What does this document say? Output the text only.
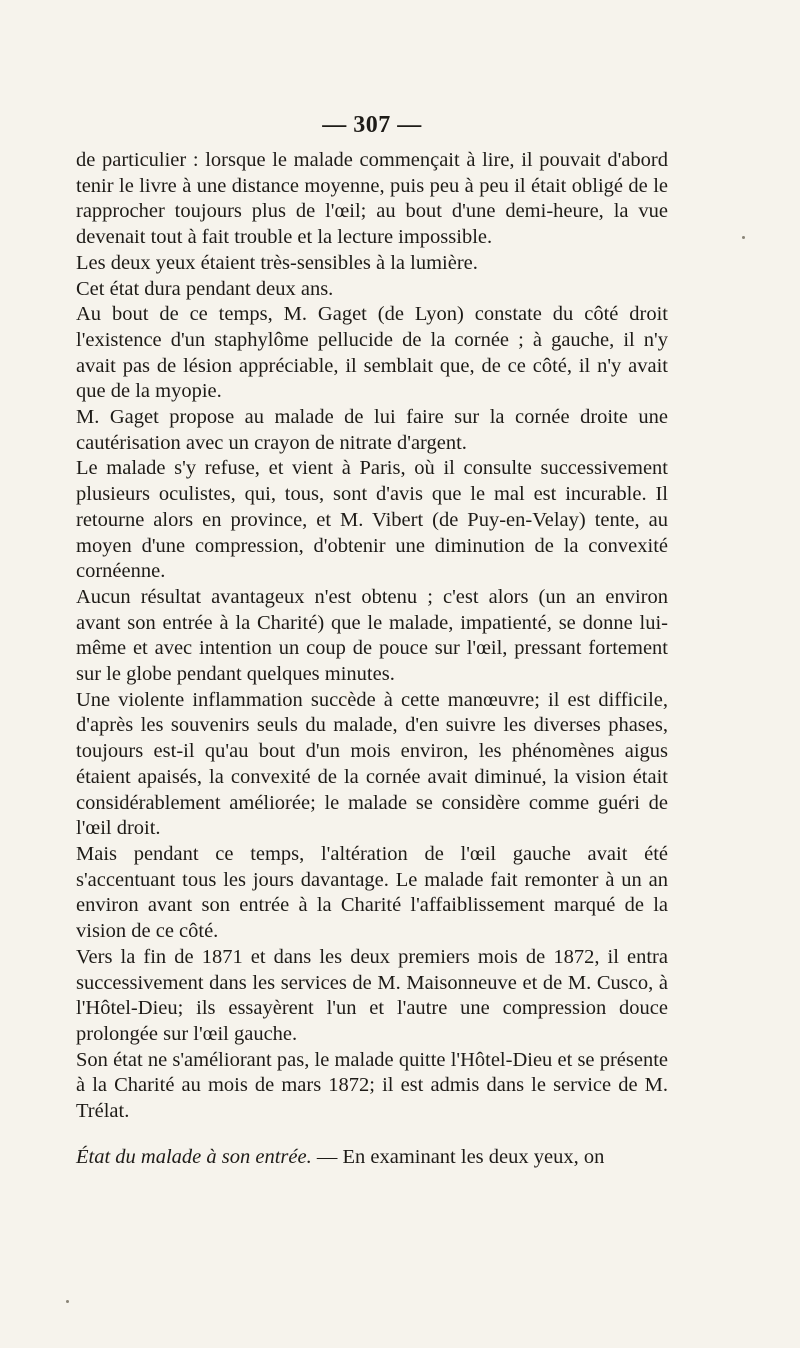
— 307 —

de particulier : lorsque le malade commençait à lire, il pouvait d'abord tenir le livre à une distance moyenne, puis peu à peu il était obligé de le rapprocher toujours plus de l'œil; au bout d'une demi-heure, la vue devenait tout à fait trouble et la lecture impossible.

Les deux yeux étaient très-sensibles à la lumière.

Cet état dura pendant deux ans.

Au bout de ce temps, M. Gaget (de Lyon) constate du côté droit l'existence d'un staphylôme pellucide de la cornée ; à gauche, il n'y avait pas de lésion appréciable, il semblait que, de ce côté, il n'y avait que de la myopie.

M. Gaget propose au malade de lui faire sur la cornée droite une cautérisation avec un crayon de nitrate d'argent.

Le malade s'y refuse, et vient à Paris, où il consulte successivement plusieurs oculistes, qui, tous, sont d'avis que le mal est incurable. Il retourne alors en province, et M. Vibert (de Puy-en-Velay) tente, au moyen d'une compression, d'obtenir une diminution de la convexité cornéenne.

Aucun résultat avantageux n'est obtenu ; c'est alors (un an environ avant son entrée à la Charité) que le malade, impatienté, se donne lui-même et avec intention un coup de pouce sur l'œil, pressant fortement sur le globe pendant quelques minutes.

Une violente inflammation succède à cette manœuvre; il est difficile, d'après les souvenirs seuls du malade, d'en suivre les diverses phases, toujours est-il qu'au bout d'un mois environ, les phénomènes aigus étaient apaisés, la convexité de la cornée avait diminué, la vision était considérablement améliorée; le malade se considère comme guéri de l'œil droit.

Mais pendant ce temps, l'altération de l'œil gauche avait été s'accentuant tous les jours davantage. Le malade fait remonter à un an environ avant son entrée à la Charité l'affaiblissement marqué de la vision de ce côté.

Vers la fin de 1871 et dans les deux premiers mois de 1872, il entra successivement dans les services de M. Maisonneuve et de M. Cusco, à l'Hôtel-Dieu; ils essayèrent l'un et l'autre une compression douce prolongée sur l'œil gauche.

Son état ne s'améliorant pas, le malade quitte l'Hôtel-Dieu et se présente à la Charité au mois de mars 1872; il est admis dans le service de M. Trélat.

État du malade à son entrée. — En examinant les deux yeux, on
